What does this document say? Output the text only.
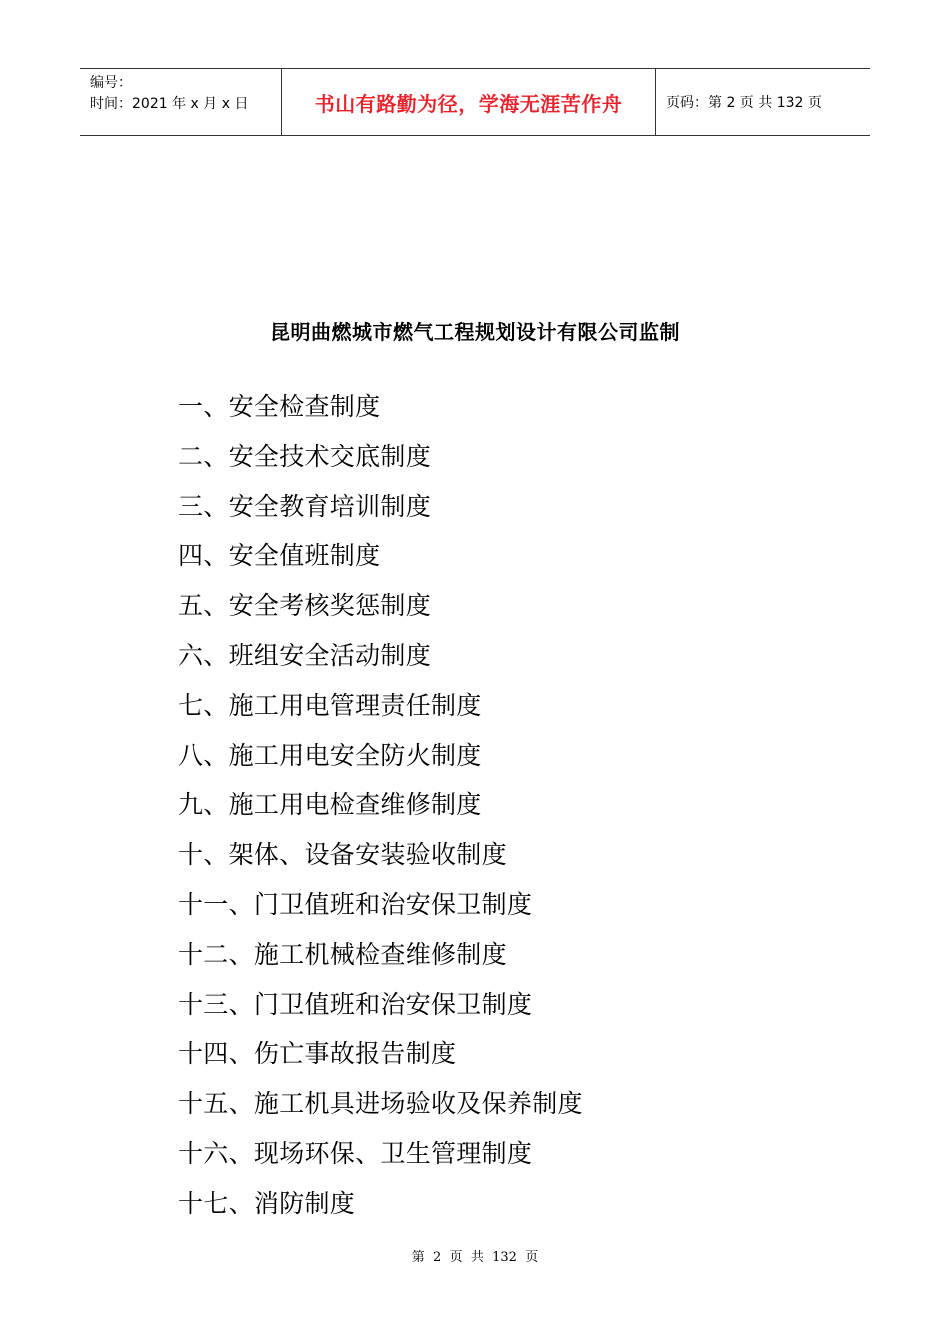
编号：
时间：2021 年 x 月 x 日	书山有路勤为径，学海无涯苦作舟	页码：第 2 页 共 132 页
昆明曲燃城市燃气工程规划设计有限公司监制
一、安全检查制度
二、安全技术交底制度
三、安全教育培训制度
四、安全值班制度
五、安全考核奖惩制度
六、班组安全活动制度
七、施工用电管理责任制度
八、施工用电安全防火制度
九、施工用电检查维修制度
十、架体、设备安装验收制度
十一、门卫值班和治安保卫制度
十二、施工机械检查维修制度
十三、门卫值班和治安保卫制度
十四、伤亡事故报告制度
十五、施工机具进场验收及保养制度
十六、现场环保、卫生管理制度
十七、消防制度
第  2  页  共  132  页
